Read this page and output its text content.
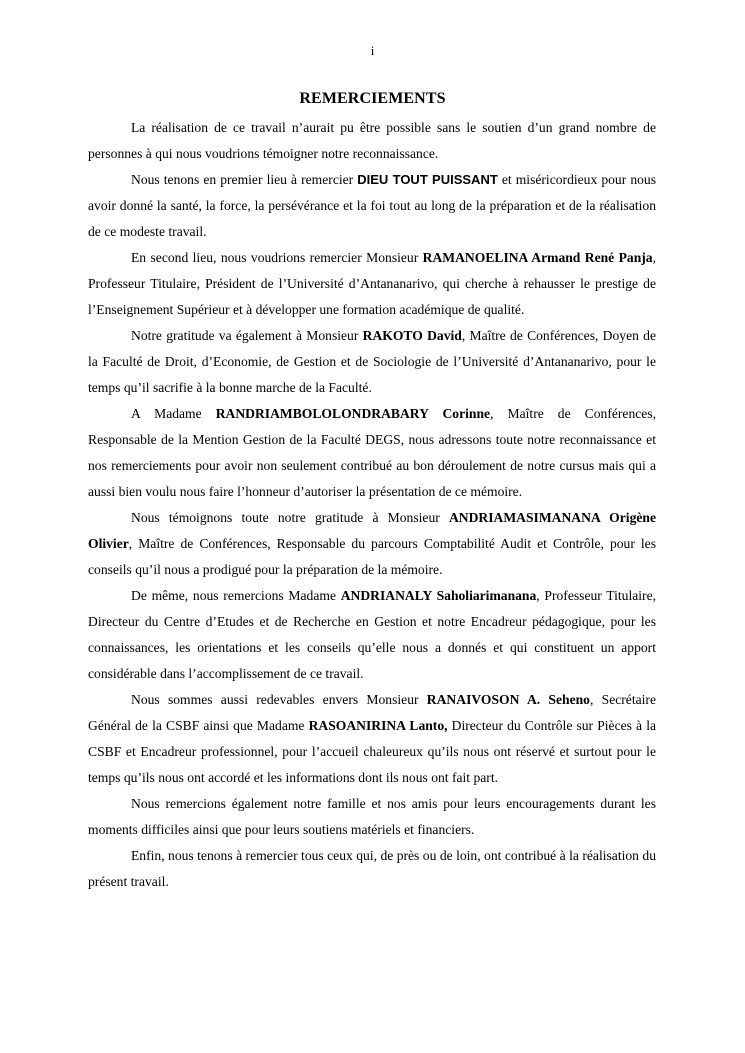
i
REMERCIEMENTS

La réalisation de ce travail n’aurait pu être possible sans le soutien d’un grand nombre de personnes à qui nous voudrions témoigner notre reconnaissance.

Nous tenons en premier lieu à remercier DIEU TOUT PUISSANT et miséricordieux pour nous avoir donné la santé, la force, la persévérance et la foi tout au long de la préparation et de la réalisation de ce modeste travail.

En second lieu, nous voudrions remercier Monsieur RAMANOELINA Armand René Panja, Professeur Titulaire, Président de l’Université d’Antananarivo, qui cherche à rehausser le prestige de l’Enseignement Supérieur et à développer une formation académique de qualité.

Notre gratitude va également à Monsieur RAKOTO David, Maître de Conférences, Doyen de la Faculté de Droit, d’Economie, de Gestion et de Sociologie de l’Université d’Antananarivo, pour le temps qu’il sacrifie à la bonne marche de la Faculté.

A Madame RANDRIAMBOLOLONDRABARY Corinne, Maître de Conférences, Responsable de la Mention Gestion de la Faculté DEGS, nous adressons toute notre reconnaissance et nos remerciements pour avoir non seulement contribué au bon déroulement de notre cursus mais qui a aussi bien voulu nous faire l’honneur d’autoriser la présentation de ce mémoire.

Nous témoignons toute notre gratitude à Monsieur ANDRIAMASIMANANA Origène Olivier, Maître de Conférences, Responsable du parcours Comptabilité Audit et Contrôle, pour les conseils qu’il nous a prodigué pour la préparation de la mémoire.

De même, nous remercions Madame ANDRIANALY Saholiarimanana, Professeur Titulaire, Directeur du Centre d’Etudes et de Recherche en Gestion et notre Encadreur pédagogique, pour les connaissances, les orientations et les conseils qu’elle nous a donnés et qui constituent un apport considérable dans l’accomplissement de ce travail.

Nous sommes aussi redevables envers Monsieur RANAIVOSON A. Seheno, Secrétaire Général de la CSBF ainsi que Madame RASOANIRINA Lanto, Directeur du Contrôle sur Pièces à la CSBF et Encadreur professionnel, pour l’accueil chaleureux qu’ils nous ont réservé et surtout pour le temps qu’ils nous ont accordé et les informations dont ils nous ont fait part.

Nous remercions également notre famille et nos amis pour leurs encouragements durant les moments difficiles ainsi que pour leurs soutiens matériels et financiers.

Enfin, nous tenons à remercier tous ceux qui, de près ou de loin, ont contribué à la réalisation du présent travail.
